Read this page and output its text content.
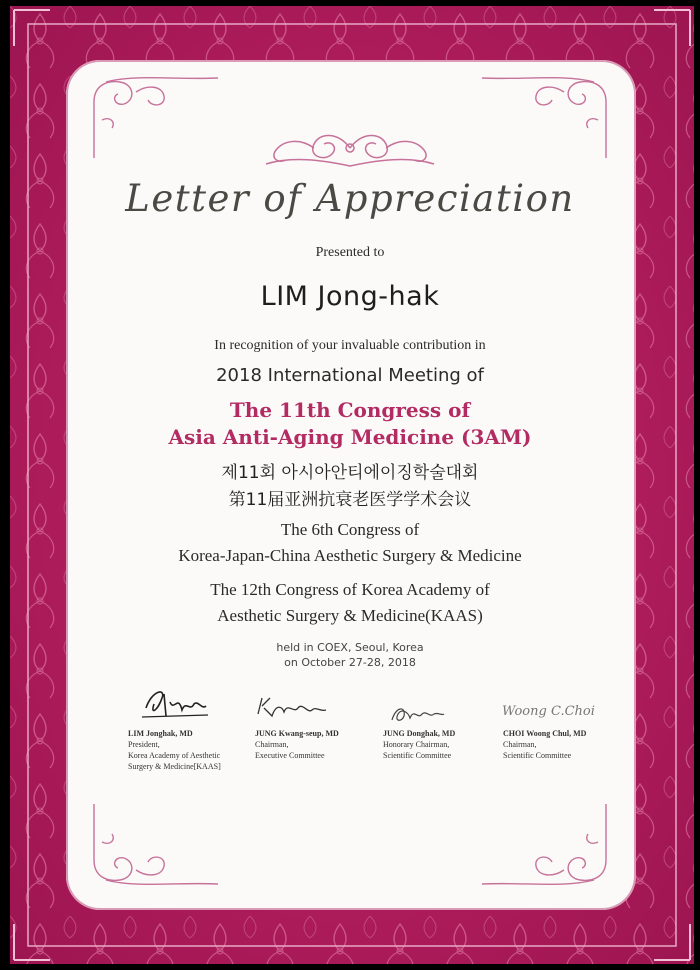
Letter of Appreciation
Presented to
LIM Jong-hak
In recognition of your invaluable contribution in
2018 International Meeting of
The 11th Congress of
Asia Anti-Aging Medicine (3AM)
제11회 아시아안티에이징학술대회
第11届亚洲抗衰老医学学术会议
The 6th Congress of
Korea-Japan-China Aesthetic Surgery & Medicine
The 12th Congress of Korea Academy of
Aesthetic Surgery & Medicine(KAAS)
held in COEX, Seoul, Korea
on October 27-28, 2018
Woong C.Choi
LIM Jonghak, MD
President,
Korea Academy of Aesthetic
Surgery & Medicine[KAAS]
JUNG Kwang-seup, MD
Chairman,
Executive Committee
JUNG Donghak, MD
Honorary Chairman,
Scientific Committee
CHOI Woong Chul, MD
Chairman,
Scientific Committee
